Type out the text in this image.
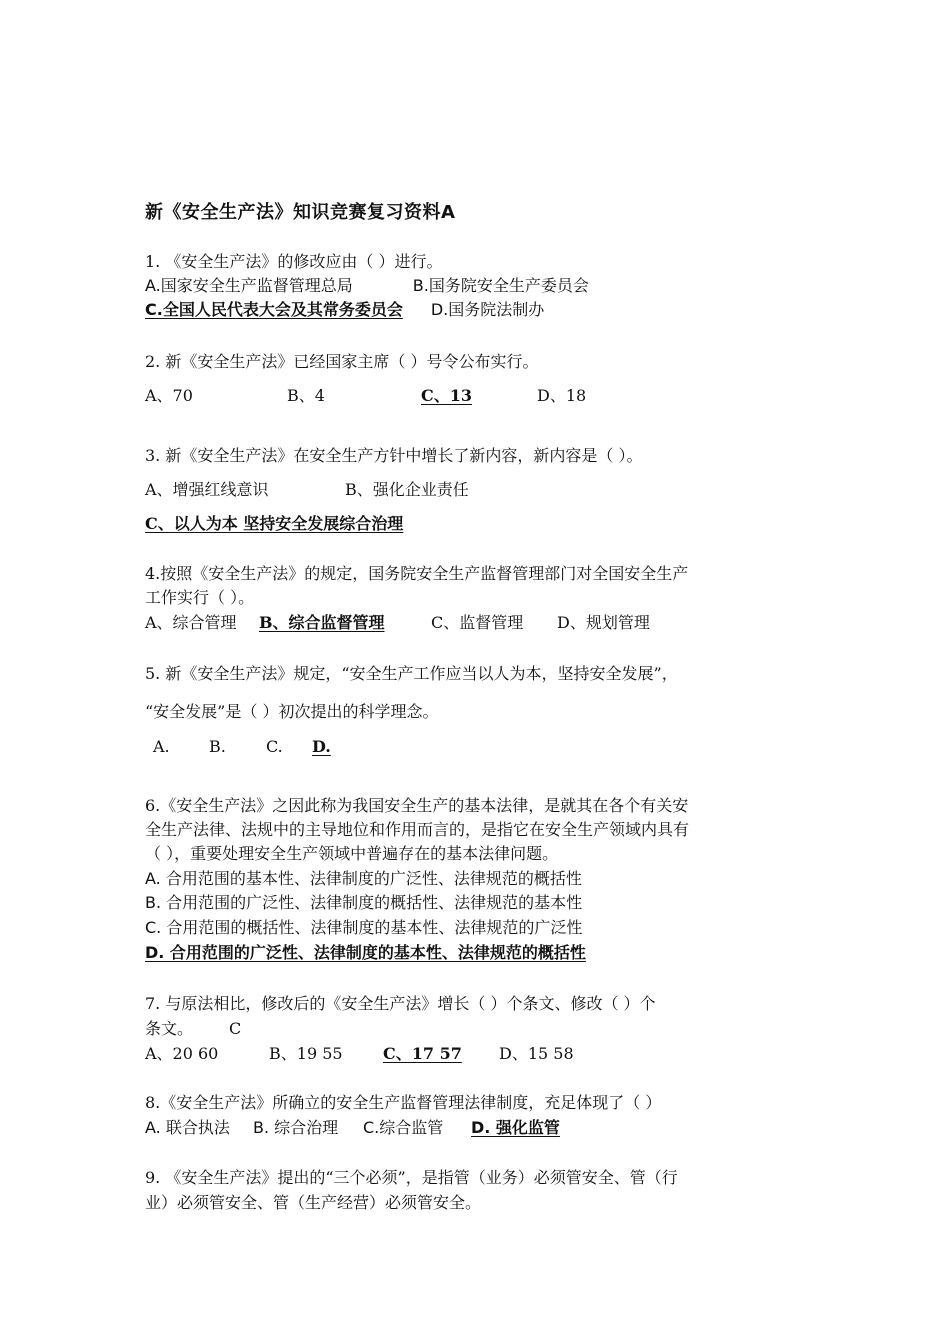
新《安全生产法》知识竞赛复习资料A
1. 《安全生产法》的修改应由（ ）进行。
A.国家安全生产监督管理总局	B.国务院安全生产委员会
C.全国人民代表大会及其常务委员会 D.国务院法制办
2. 新《安全生产法》已经国家主席（ ）号令公布实行。
A、70	B、4	C、13	D、18
3. 新《安全生产法》在安全生产方针中增长了新内容，新内容是（ ）。
A、增强红线意识	B、强化企业责任
C、以人为本 坚持安全发展综合治理
4.按照《安全生产法》的规定，国务院安全生产监督管理部门对全国安全生产
工作实行（ ）。
A、综合管理 B、综合监督管理	C、监督管理 D、规划管理
5. 新《安全生产法》规定，“安全生产工作应当以人为本，坚持安全发展”，
“安全发展”是（ ）初次提出的科学理念。
A. B.	C. D.
6.《安全生产法》之因此称为我国安全生产的基本法律，是就其在各个有关安
全生产法律、法规中的主导地位和作用而言的，是指它在安全生产领域内具有
（ ），重要处理安全生产领域中普遍存在的基本法律问题。
A. 合用范围的基本性、法律制度的广泛性、法律规范的概括性
B. 合用范围的广泛性、法律制度的概括性、法律规范的基本性
C. 合用范围的概括性、法律制度的基本性、法律规范的广泛性
D. 合用范围的广泛性、法律制度的基本性、法律规范的概括性
7. 与原法相比，修改后的《安全生产法》增长（ ）个条文、修改（ ）个
条文。 C
A、20 60	B、19 55	C、17 57 D、15 58
8.《安全生产法》所确立的安全生产监督管理法律制度，充足体现了（ ）
A. 联合执法 B. 综合治理 C.综合监管 D. 强化监管
9. 《安全生产法》提出的“三个必须”，是指管（业务）必须管安全、管（行
业）必须管安全、管（生产经营）必须管安全。
